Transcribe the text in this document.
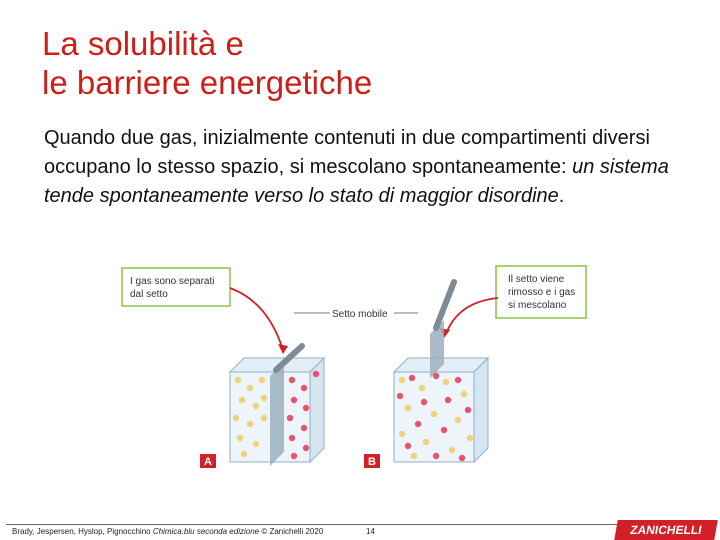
La solubilità e
le barriere energetiche
Quando due gas, inizialmente contenuti in due compartimenti diversi occupano lo stesso spazio, si mescolano spontaneamente: un sistema tende spontaneamente verso lo stato di maggior disordine.
I gas sono separati
dal setto
Il setto viene
rimosso e i gas
si mescolano
Setto mobile
A	B
Brady, Jespersen, Hyslop, Pignocchino Chimica.blu seconda edizione © Zanichelli 2020	14	ZANICHELLI
